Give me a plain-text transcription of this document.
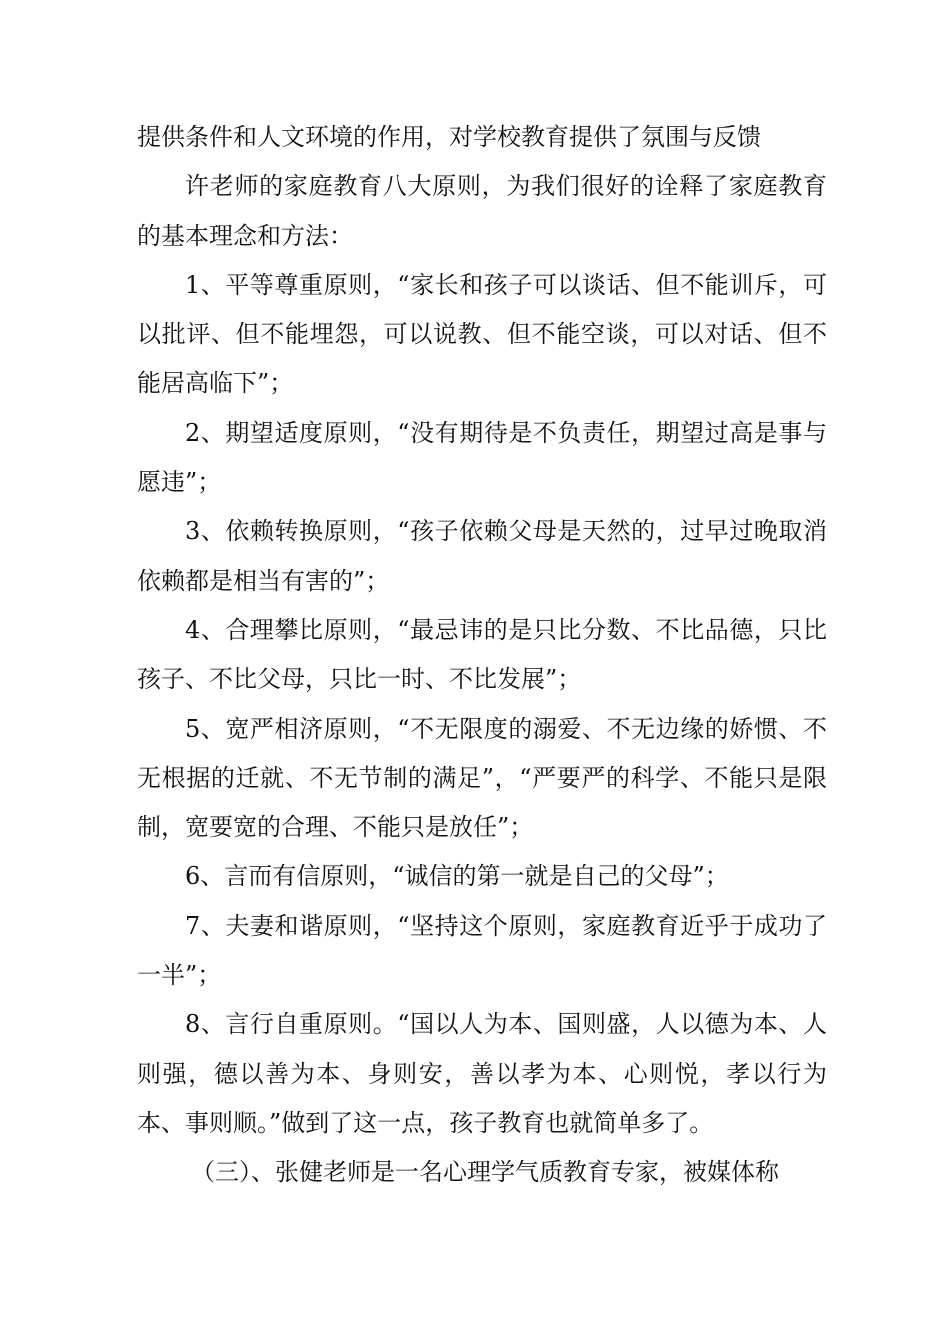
提供条件和人文环境的作用，对学校教育提供了氛围与反馈

许老师的家庭教育八大原则，为我们很好的诠释了家庭教育的基本理念和方法：

1、平等尊重原则，“家长和孩子可以谈话、但不能训斥，可以批评、但不能埋怨，可以说教、但不能空谈，可以对话、但不能居高临下”；

2、期望适度原则，“没有期待是不负责任，期望过高是事与愿违”；

3、依赖转换原则，“孩子依赖父母是天然的，过早过晚取消依赖都是相当有害的”；

4、合理攀比原则，“最忌讳的是只比分数、不比品德，只比孩子、不比父母，只比一时、不比发展”；

5、宽严相济原则，“不无限度的溺爱、不无边缘的娇惯、不无根据的迁就、不无节制的满足”，“严要严的科学、不能只是限制，宽要宽的合理、不能只是放任”；

6、言而有信原则，“诚信的第一就是自己的父母”；

7、夫妻和谐原则，“坚持这个原则，家庭教育近乎于成功了一半”；

8、言行自重原则。“国以人为本、国则盛，人以德为本、人则强，德以善为本、身则安，善以孝为本、心则悦，孝以行为本、事则顺。”做到了这一点，孩子教育也就简单多了。

（三）、张健老师是一名心理学气质教育专家，被媒体称
